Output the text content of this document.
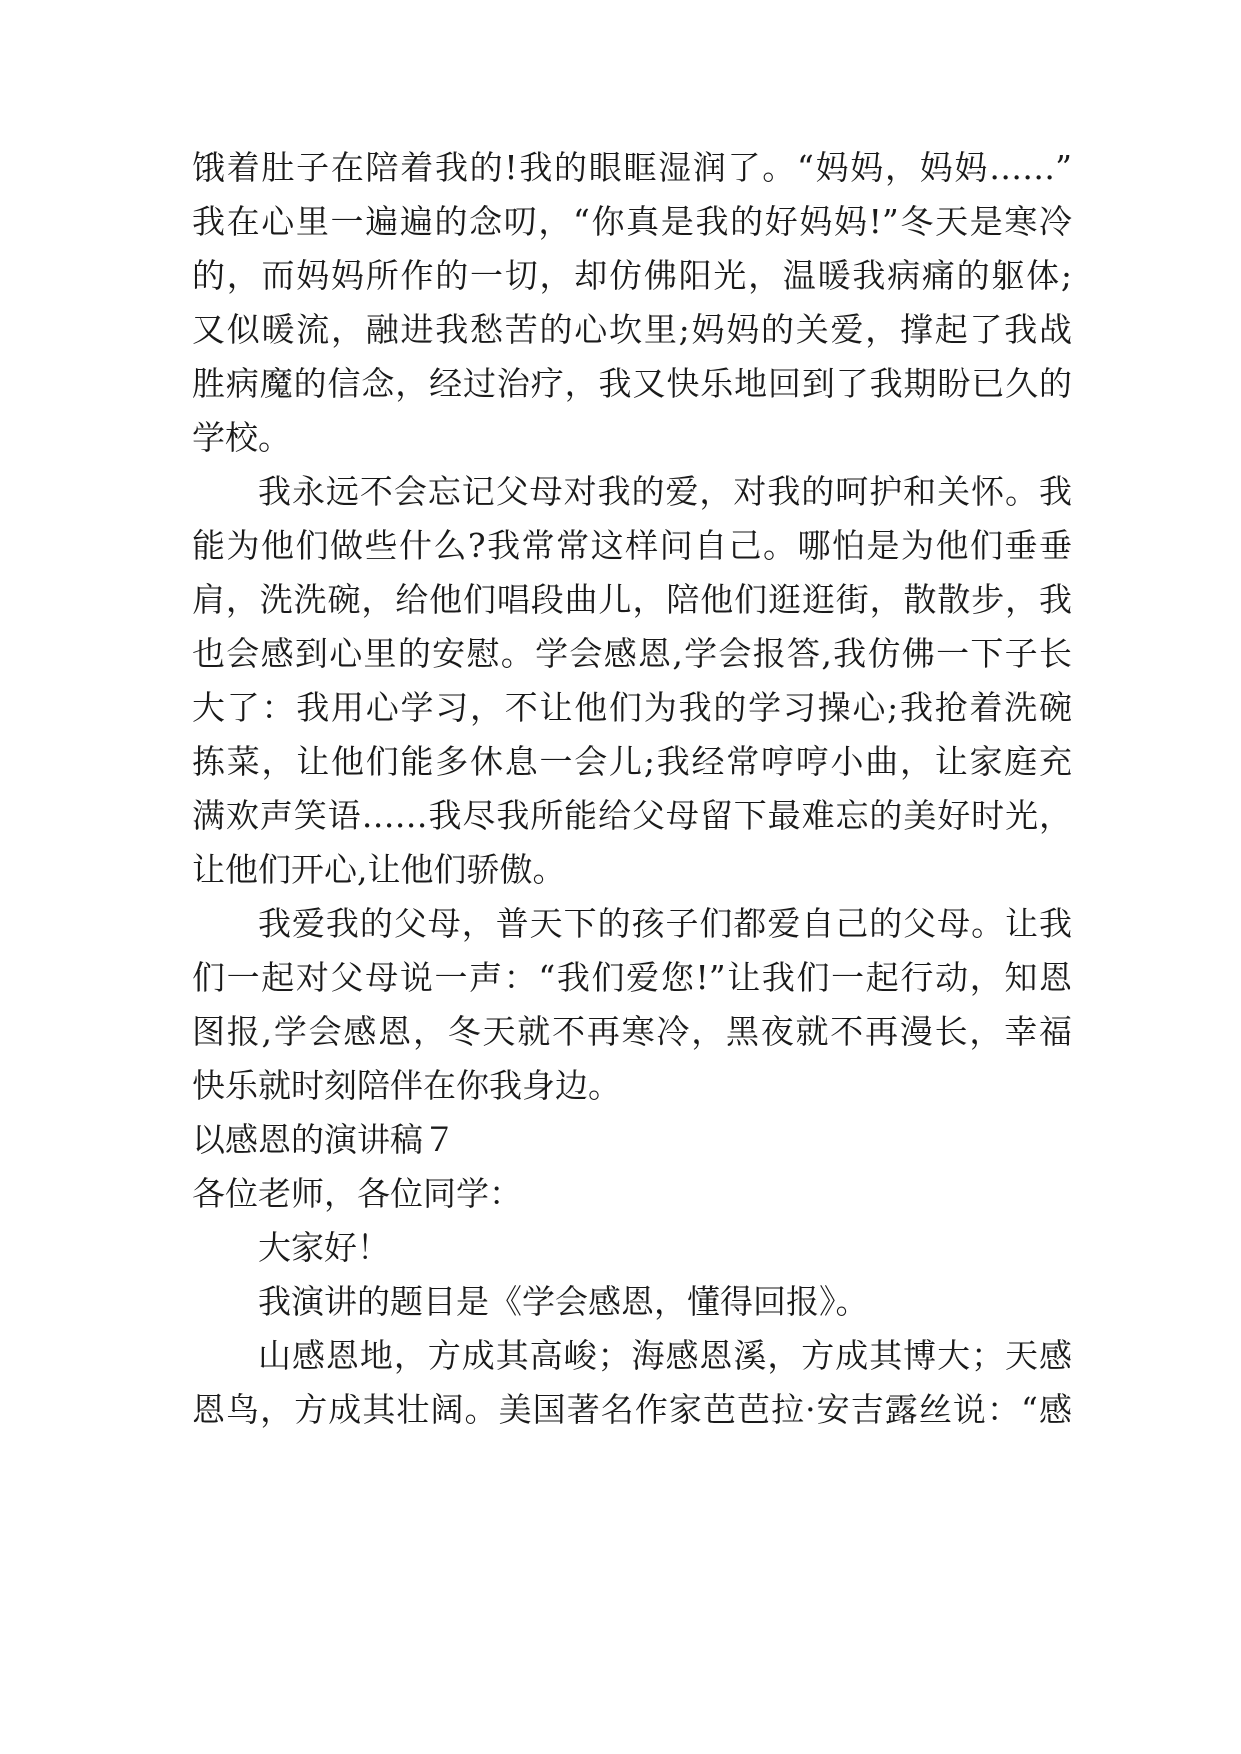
饿着肚子在陪着我的!我的眼眶湿润了。“妈妈，妈妈……”

我在心里一遍遍的念叨，“你真是我的好妈妈!”冬天是寒冷

的，而妈妈所作的一切，却仿佛阳光，温暖我病痛的躯体;

又似暖流，融进我愁苦的心坎里;妈妈的关爱，撑起了我战

胜病魔的信念，经过治疗，我又快乐地回到了我期盼已久的

学校。

我永远不会忘记父母对我的爱，对我的呵护和关怀。我

能为他们做些什么?我常常这样问自己。哪怕是为他们垂垂

肩，洗洗碗，给他们唱段曲儿，陪他们逛逛街，散散步，我

也会感到心里的安慰。学会感恩,学会报答,我仿佛一下子长

大了：我用心学习，不让他们为我的学习操心;我抢着洗碗

拣菜，让他们能多休息一会儿;我经常哼哼小曲，让家庭充

满欢声笑语……我尽我所能给父母留下最难忘的美好时光，

让他们开心,让他们骄傲。

我爱我的父母，普天下的孩子们都爱自己的父母。让我

们一起对父母说一声：“我们爱您!”让我们一起行动，知恩

图报,学会感恩，冬天就不再寒冷，黑夜就不再漫长，幸福

快乐就时刻陪伴在你我身边。

以感恩的演讲稿７

各位老师，各位同学：

大家好！

我演讲的题目是《学会感恩，懂得回报》。

山感恩地，方成其高峻；海感恩溪，方成其博大；天感

恩鸟，方成其壮阔。美国著名作家芭芭拉·安吉露丝说：“感
